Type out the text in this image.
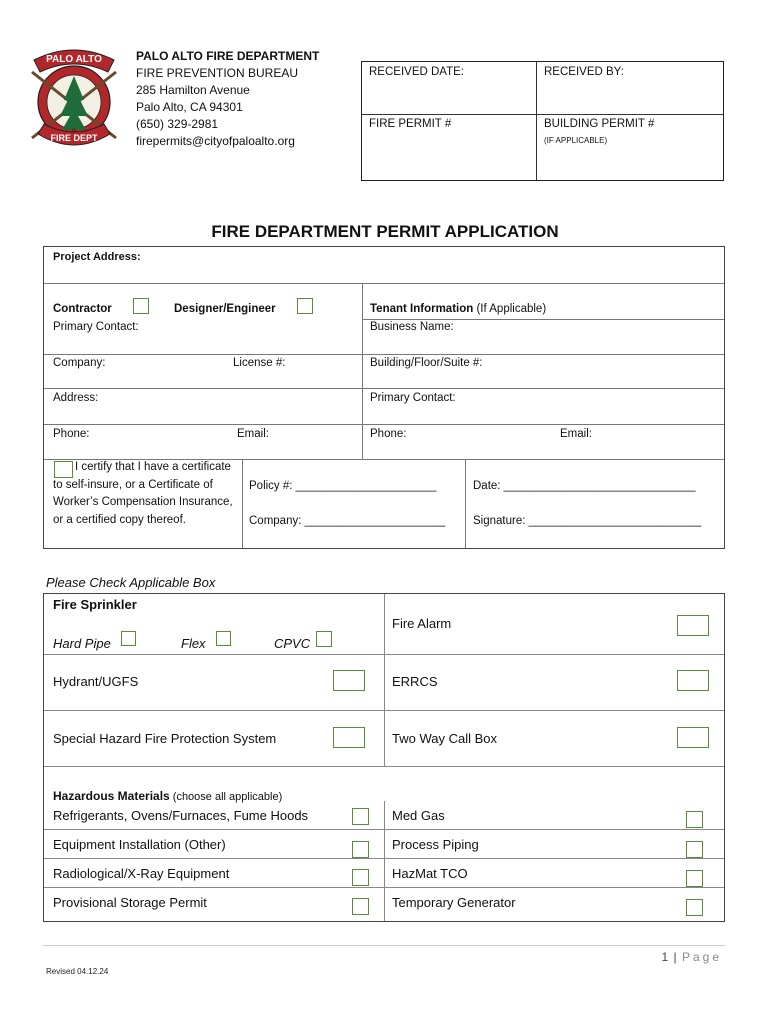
PALO ALTO
FIRE DEPT
PALO ALTO FIRE DEPARTMENT
FIRE PREVENTION BUREAU
285 Hamilton Avenue
Palo Alto, CA 94301
(650) 329-2981
firepermits@cityofpaloalto.org
RECEIVED DATE:	RECEIVED BY:
FIRE PERMIT #	BUILDING PERMIT #
(IF APPLICABLE)
FIRE DEPARTMENT PERMIT APPLICATION
Project Address:
Contractor	Designer/Engineer
Primary Contact:
Tenant Information (If Applicable)
Business Name:
Company:	License #:	Building/Floor/Suite #:
Address:	Primary Contact:
Phone:	Email:	Phone:	Email:
I certify that I have a certificate to self-insure, or a Certificate of Worker’s Compensation Insurance, or a certified copy thereof.
Policy #: ______________________
Company: ______________________
Date: ______________________________
Signature: ___________________________
Please Check Applicable Box
Fire Sprinkler
Hard Pipe	Flex	CPVC
Fire Alarm
Hydrant/UGFS	ERRCS
Special Hazard Fire Protection System	Two Way Call Box
Hazardous Materials (choose all applicable)
Refrigerants, Ovens/Furnaces, Fume Hoods	Med Gas
Equipment Installation (Other)	Process Piping
Radiological/X-Ray Equipment	HazMat TCO
Provisional Storage Permit	Temporary Generator
1 | Page
Revised 04.12.24
